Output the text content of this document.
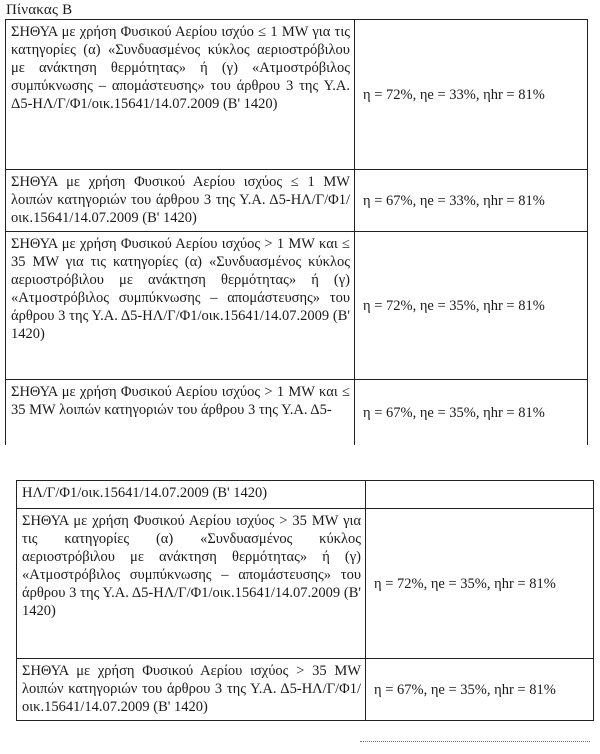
Πίνακας Β
ΣΗΘΥΑ με χρήση Φυσικού Αερίου ισχύο ≤ 1 MW για τις κατηγορίες (α) «Συνδυασμένος κύκλος αεριοστρόβιλου με ανάκτηση θερμότητας» ή (γ) «Ατμοστρόβιλος συμπύκνωσης – απομάστευσης» του άρθρου 3 της Υ.Α. Δ5-ΗΛ/Γ/Φ1/οικ.15641/14.07.2009 (Β' 1420)	η = 72%, ηe = 33%, ηhr = 81%
ΣΗΘΥΑ με χρήση Φυσικού Αερίου ισχύος ≤ 1 MW λοιπών κατηγοριών του άρθρου 3 της Υ.Α. Δ5-ΗΛ/Γ/Φ1/οικ.15641/14.07.2009 (Β' 1420)	η = 67%, ηe = 33%, ηhr = 81%
ΣΗΘΥΑ με χρήση Φυσικού Αερίου ισχύος > 1 MW και ≤ 35 MW για τις κατηγορίες (α) «Συνδυασμένος κύκλος αεριοστρόβιλου με ανάκτηση θερμότητας» ή (γ) «Ατμοστρόβιλος συμπύκνωσης – απομάστευσης» του άρθρου 3 της Υ.Α. Δ5-ΗΛ/Γ/Φ1/οικ.15641/14.07.2009 (Β' 1420)	η = 72%, ηe = 35%, ηhr = 81%
ΣΗΘΥΑ με χρήση Φυσικού Αερίου ισχύος > 1 MW και ≤ 35 MW λοιπών κατηγοριών του άρθρου 3 της Υ.Α. Δ5-	η = 67%, ηe = 35%, ηhr = 81%
ΗΛ/Γ/Φ1/οικ.15641/14.07.2009 (Β' 1420)	
ΣΗΘΥΑ με χρήση Φυσικού Αερίου ισχύος > 35 MW για τις κατηγορίες (α) «Συνδυασμένος κύκλος αεριοστρόβιλου με ανάκτηση θερμότητας» ή (γ) «Ατμοστρόβιλος συμπύκνωσης – απομάστευσης» του άρθρου 3 της Υ.Α. Δ5-ΗΛ/Γ/Φ1/οικ.15641/14.07.2009 (Β' 1420)	η = 72%, ηe = 35%, ηhr = 81%
ΣΗΘΥΑ με χρήση Φυσικού Αερίου ισχύος > 35 MW λοιπών κατηγοριών του άρθρου 3 της Υ.Α. Δ5-ΗΛ/Γ/Φ1/οικ.15641/14.07.2009 (Β' 1420)	η = 67%, ηe = 35%, ηhr = 81%
